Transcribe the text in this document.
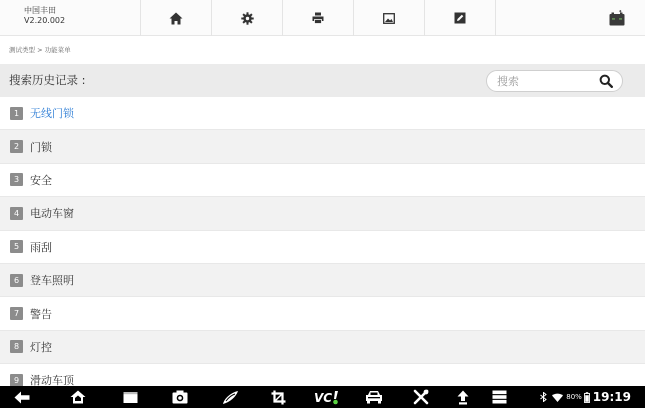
中国丰田
V2.20.002
测试类型 > 功能菜单
搜索历史记录 :
搜索
1 无线门锁
2 门锁
3 安全
4 电动车窗
5 雨刮
6 登车照明
7 警告
8 灯控
9 滑动车顶
VC	80% 19:19
